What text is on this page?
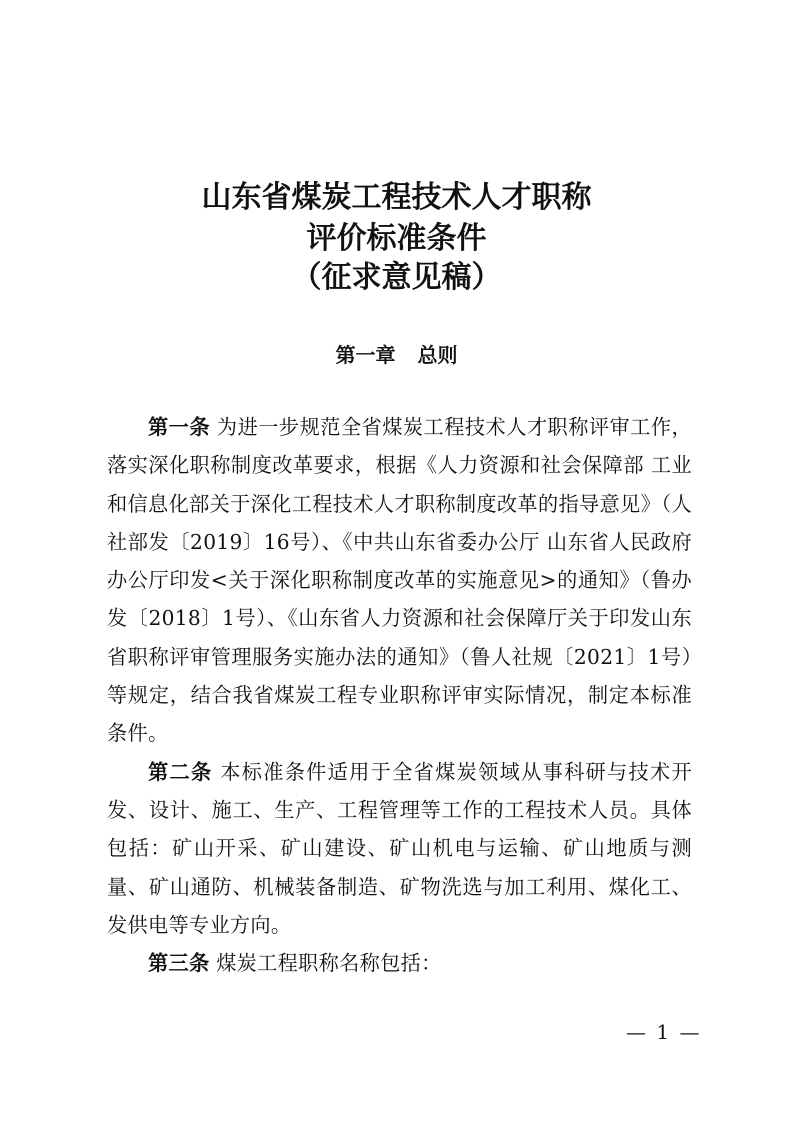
山东省煤炭工程技术人才职称
评价标准条件
（征求意见稿）
第一章 总则

第一条 为进一步规范全省煤炭工程技术人才职称评审工作，落实深化职称制度改革要求，根据《人力资源和社会保障部 工业和信息化部关于深化工程技术人才职称制度改革的指导意见》（人社部发〔2019〕16号）、《中共山东省委办公厅 山东省人民政府办公厅印发<关于深化职称制度改革的实施意见>的通知》（鲁办发〔2018〕1号）、《山东省人力资源和社会保障厅关于印发山东省职称评审管理服务实施办法的通知》（鲁人社规〔2021〕1号）等规定，结合我省煤炭工程专业职称评审实际情况，制定本标准条件。

第二条 本标准条件适用于全省煤炭领域从事科研与技术开发、设计、施工、生产、工程管理等工作的工程技术人员。具体包括：矿山开采、矿山建设、矿山机电与运输、矿山地质与测量、矿山通防、机械装备制造、矿物洗选与加工利用、煤化工、发供电等专业方向。

第三条 煤炭工程职称名称包括：

— 1 —
